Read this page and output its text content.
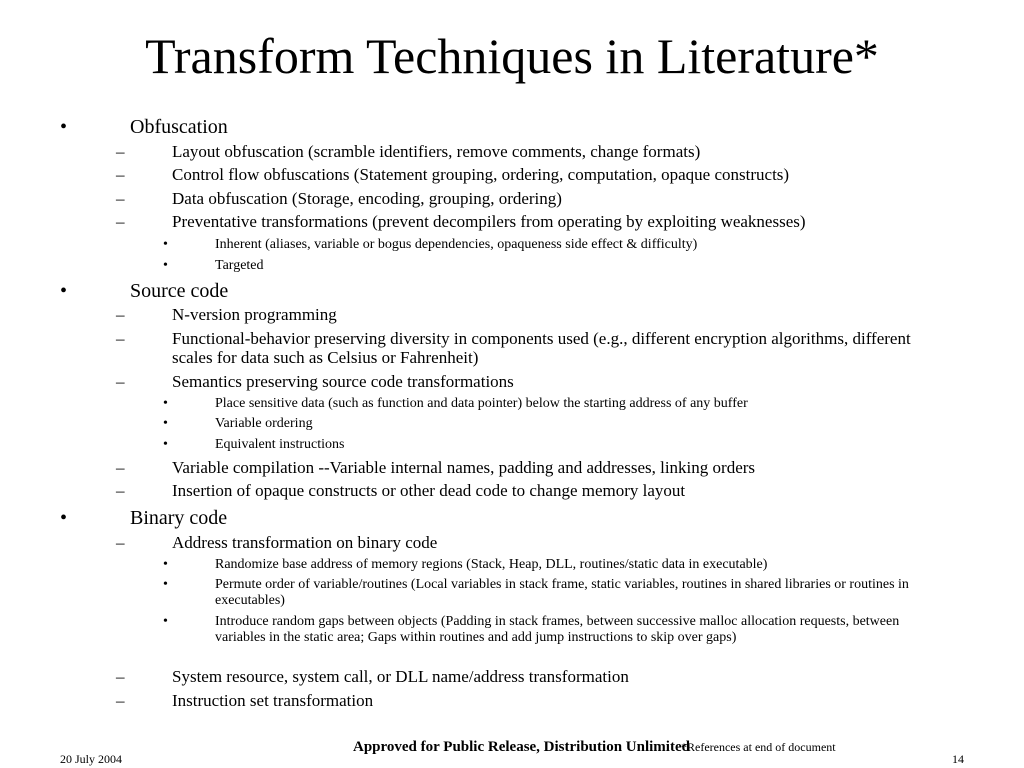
Transform Techniques in Literature*
•	Obfuscation
–	Layout obfuscation (scramble identifiers, remove comments, change formats)
–	Control flow obfuscations (Statement grouping, ordering, computation, opaque constructs)
–	Data obfuscation (Storage, encoding, grouping, ordering)
–	Preventative transformations (prevent decompilers from operating by exploiting weaknesses)
•	Inherent (aliases, variable or bogus dependencies, opaqueness side effect & difficulty)
•	Targeted
•	Source code
–	N-version programming
–	Functional-behavior preserving diversity in components used (e.g., different encryption algorithms, different scales for data such as Celsius or Fahrenheit)
–	Semantics preserving source code transformations
•	Place sensitive data (such as function and data pointer) below the starting address of any buffer
•	Variable ordering
•	Equivalent instructions
–	Variable compilation --Variable internal names, padding and addresses, linking orders
–	Insertion of opaque constructs or other dead code to change memory layout
•	Binary code
–	Address transformation on binary code
•	Randomize base address of memory regions (Stack, Heap, DLL, routines/static data in executable)
•	Permute order of variable/routines (Local variables in stack frame, static variables, routines in shared libraries or routines in executables)
•	Introduce random gaps between objects (Padding in stack frames, between successive malloc allocation requests, between variables in the static area; Gaps within routines and add jump instructions to skip over gaps)
–	System resource, system call, or DLL name/address transformation
–	Instruction set transformation
Approved for Public Release, Distribution Unlimited
*References at end of document
20 July 2004	14
